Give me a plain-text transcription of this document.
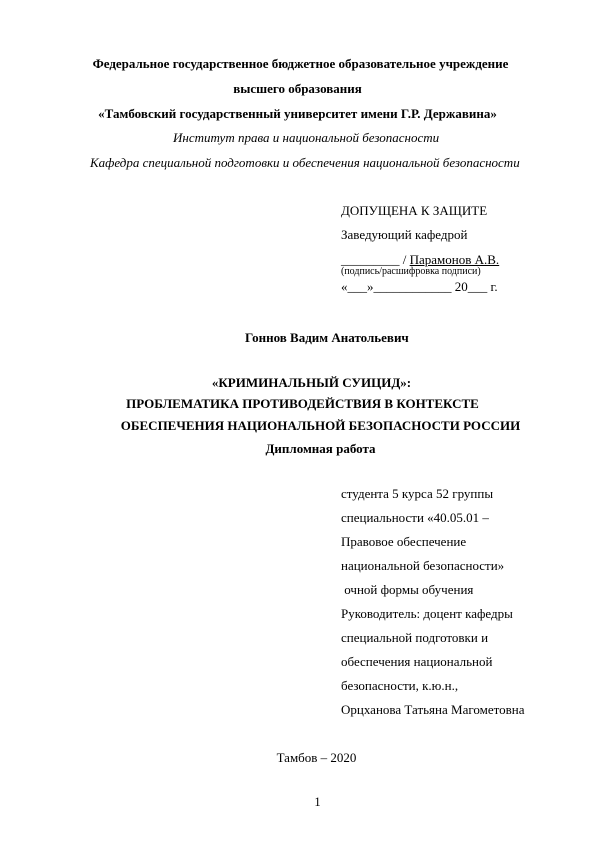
Федеральное государственное бюджетное образовательное учреждение
высшего образования
«Тамбовский государственный университет имени Г.Р. Державина»
Институт права и национальной безопасности
Кафедра специальной подготовки и обеспечения национальной безопасности
ДОПУЩЕНА К ЗАЩИТЕ
Заведующий кафедрой
_________ / Парамонов А.В.
(подпись/расшифровка подписи)
«___»____________ 20___ г.
Гоннов Вадим Анатольевич
«КРИМИНАЛЬНЫЙ СУИЦИД»:
ПРОБЛЕМАТИКА ПРОТИВОДЕЙСТВИЯ В КОНТЕКСТЕ
ОБЕСПЕЧЕНИЯ НАЦИОНАЛЬНОЙ БЕЗОПАСНОСТИ РОССИИ
Дипломная работа
студента 5 курса 52 группы
специальности «40.05.01 –
Правовое обеспечение
национальной безопасности»
очной формы обучения
Руководитель: доцент кафедры
специальной подготовки и
обеспечения национальной
безопасности, к.ю.н.,
Орцханова Татьяна Магометовна
Тамбов – 2020
1
